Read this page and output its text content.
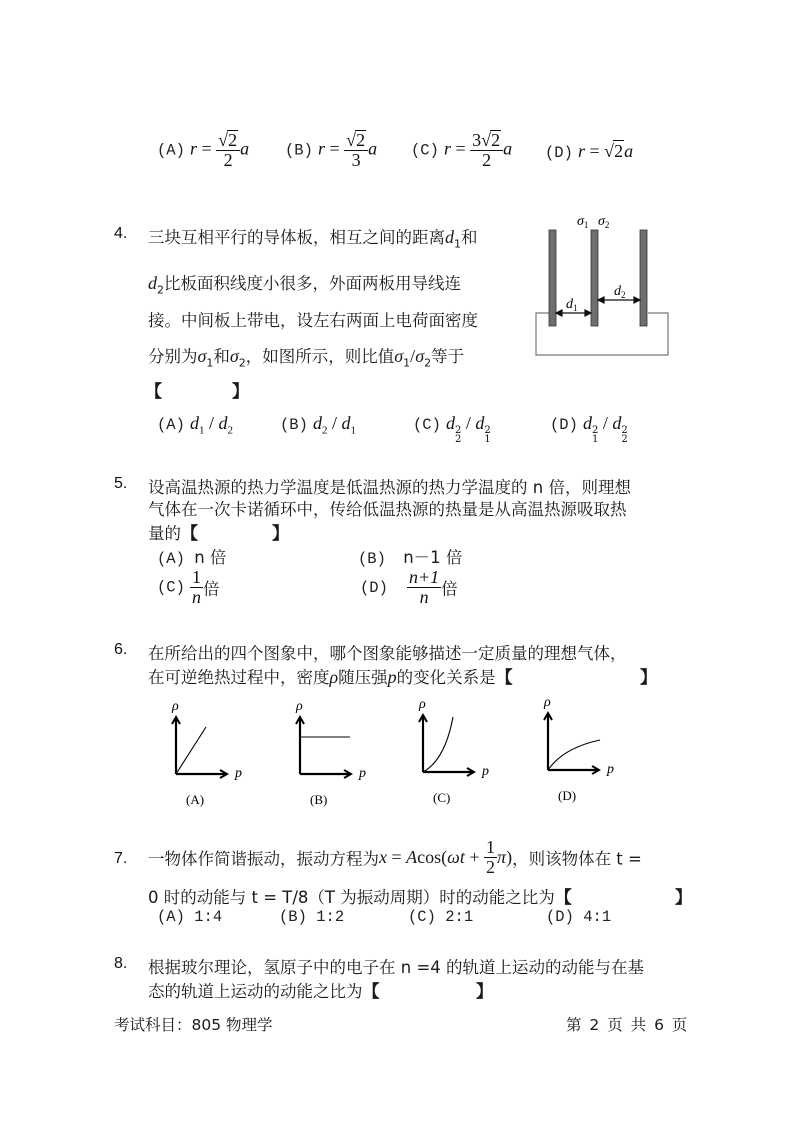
(A) $r = \frac{√2}{2}$ a (B) $r = \frac{√2}{3}$ a (C) $r = \frac{3√2}{2}$ a (D) r = √2a
4. 三块互相平行的导体板，相互之间的距离$d_1$和
$d_2$比板面积线度小很多，外面两板用导线连
接。中间板上带电，设左右两面上电荷面密度
分别为$\sigma_1$和$\sigma_2$，如图所示，则比值$\sigma_1/\sigma_2$等于
【	】
$d_1$
$d_2$
$\sigma_1$ $\sigma_2$
(A) $d_1 / d_2$	(B) $d_2 / d_1$	(C) d 2
2
/ d 2
1
(D) d 2
1
/ d 2
2
5. 设高温热源的热力学温度是低温热源的热力学温度的 n 倍，则理想
气体在一次卡诺循环中，传给低温热源的热量是从高温热源吸取热
量的【	】
(A) n 倍	(B) n－1 倍
$(C) \frac{1}{n}$ 倍	$(D) \frac{n+1}{n}$ 倍
6. 在所给出的四个图象中，哪个图象能够描述一定质量的理想气体，
在可逆绝热过程中，密度ρ随压强p的变化关系是【	】
ρ
p
(A)
ρ
p
(B)
ρ
p
(C)
ρ
p
(D)
7. 一物体作简谐振动，振动方程为$x = Acos(\omega t + \frac{1}{2} \pi)$，则该物体在 t =
0 时的动能与 t = T/8（T 为振动周期）时的动能之比为【	】
(A) 1:4	(B) 1:2	(C) 2:1	(D) 4:1
8. 根据玻尔理论，氢原子中的电子在 n =4 的轨道上运动的动能与在基
态的轨道上运动的动能之比为【	】
考试科目：805 物理学	第 2 页 共 6 页
